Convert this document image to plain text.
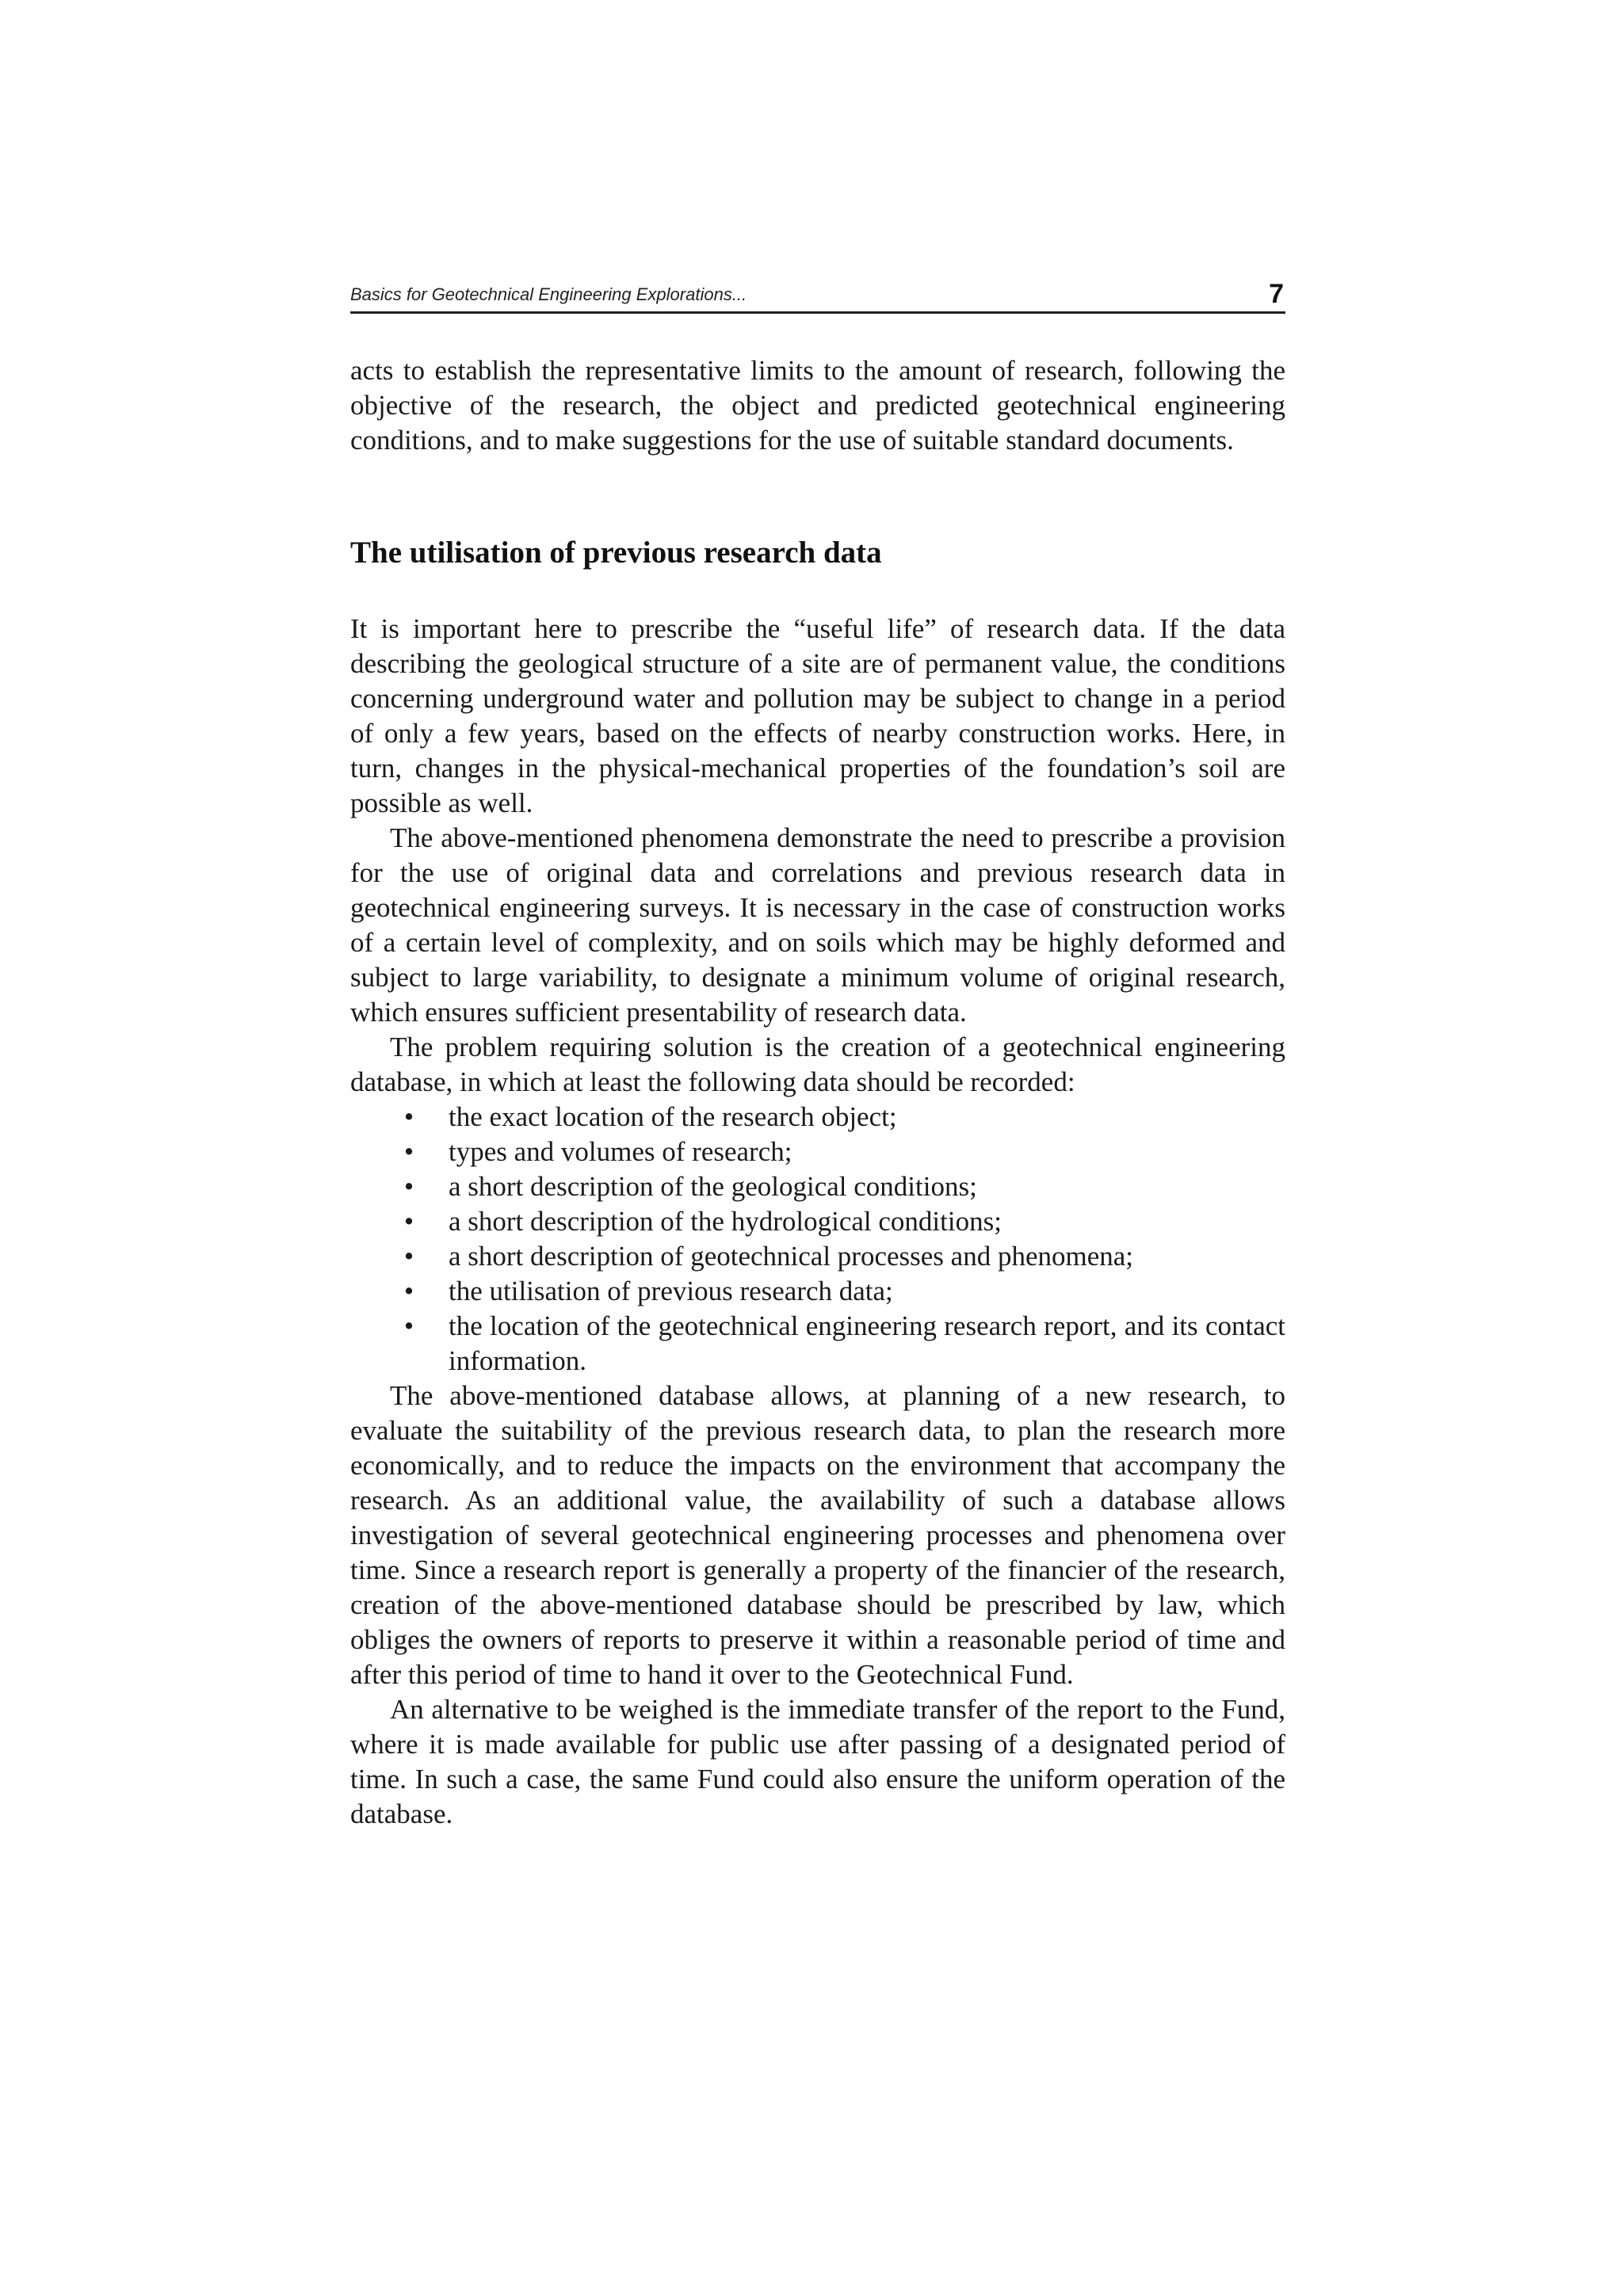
Basics for Geotechnical Engineering Explorations...	7

acts to establish the representative limits to the amount of research, following the objective of the research, the object and predicted geotechnical engineering conditions, and to make suggestions for the use of suitable standard documents.

The utilisation of previous research data

It is important here to prescribe the “useful life” of research data. If the data describing the geological structure of a site are of permanent value, the conditions concerning underground water and pollution may be subject to change in a period of only a few years, based on the effects of nearby construction works. Here, in turn, changes in the physical-mechanical properties of the foundation’s soil are possible as well.

The above-mentioned phenomena demonstrate the need to prescribe a provision for the use of original data and correlations and previous research data in geotechnical engineering surveys. It is necessary in the case of construction works of a certain level of complexity, and on soils which may be highly deformed and subject to large variability, to designate a minimum volume of original research, which ensures sufficient presentability of research data.

The problem requiring solution is the creation of a geotechnical engineering database, in which at least the following data should be recorded:

• the exact location of the research object;
• types and volumes of research;
• a short description of the geological conditions;
• a short description of the hydrological conditions;
• a short description of geotechnical processes and phenomena;
• the utilisation of previous research data;
• the location of the geotechnical engineering research report, and its contact information.

The above-mentioned database allows, at planning of a new research, to evaluate the suitability of the previous research data, to plan the research more economically, and to reduce the impacts on the environment that accompany the research. As an additional value, the availability of such a database allows investigation of several geotechnical engineering processes and phenomena over time. Since a research report is generally a property of the financier of the research, creation of the above-mentioned database should be prescribed by law, which obliges the owners of reports to preserve it within a reasonable period of time and after this period of time to hand it over to the Geotechnical Fund.

An alternative to be weighed is the immediate transfer of the report to the Fund, where it is made available for public use after passing of a designated period of time. In such a case, the same Fund could also ensure the uniform operation of the database.
